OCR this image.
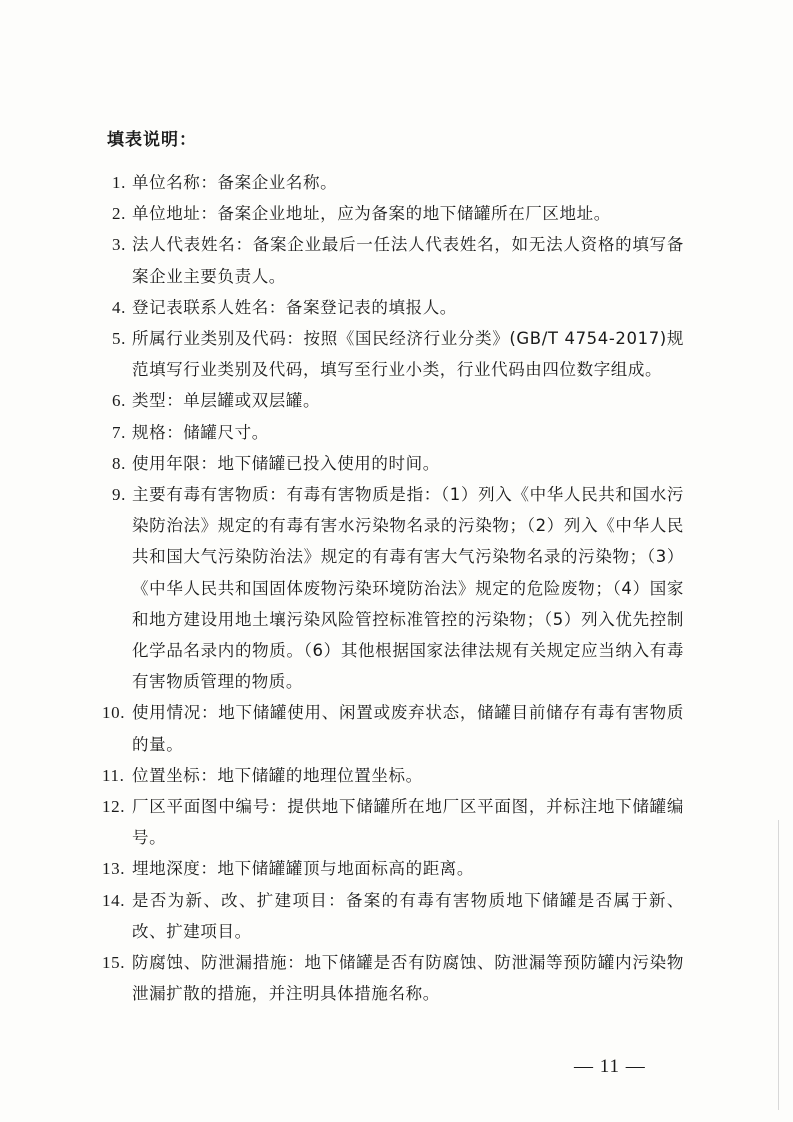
填表说明：
1. 单位名称：备案企业名称。
2. 单位地址：备案企业地址，应为备案的地下储罐所在厂区地址。
3. 法人代表姓名：备案企业最后一任法人代表姓名，如无法人资格的填写备案企业主要负责人。
4. 登记表联系人姓名：备案登记表的填报人。
5. 所属行业类别及代码：按照《国民经济行业分类》(GB/T 4754-2017)规范填写行业类别及代码，填写至行业小类，行业代码由四位数字组成。
6. 类型：单层罐或双层罐。
7. 规格：储罐尺寸。
8. 使用年限：地下储罐已投入使用的时间。
9. 主要有毒有害物质：有毒有害物质是指：（1）列入《中华人民共和国水污染防治法》规定的有毒有害水污染物名录的污染物；（2）列入《中华人民共和国大气污染防治法》规定的有毒有害大气污染物名录的污染物；（3）《中华人民共和国固体废物污染环境防治法》规定的危险废物；（4）国家和地方建设用地土壤污染风险管控标准管控的污染物；（5）列入优先控制化学品名录内的物质。（6）其他根据国家法律法规有关规定应当纳入有毒有害物质管理的物质。
10. 使用情况：地下储罐使用、闲置或废弃状态，储罐目前储存有毒有害物质的量。
11. 位置坐标：地下储罐的地理位置坐标。
12. 厂区平面图中编号：提供地下储罐所在地厂区平面图，并标注地下储罐编号。
13. 埋地深度：地下储罐罐顶与地面标高的距离。
14. 是否为新、改、扩建项目：备案的有毒有害物质地下储罐是否属于新、改、扩建项目。
15. 防腐蚀、防泄漏措施：地下储罐是否有防腐蚀、防泄漏等预防罐内污染物泄漏扩散的措施，并注明具体措施名称。
— 11 —
